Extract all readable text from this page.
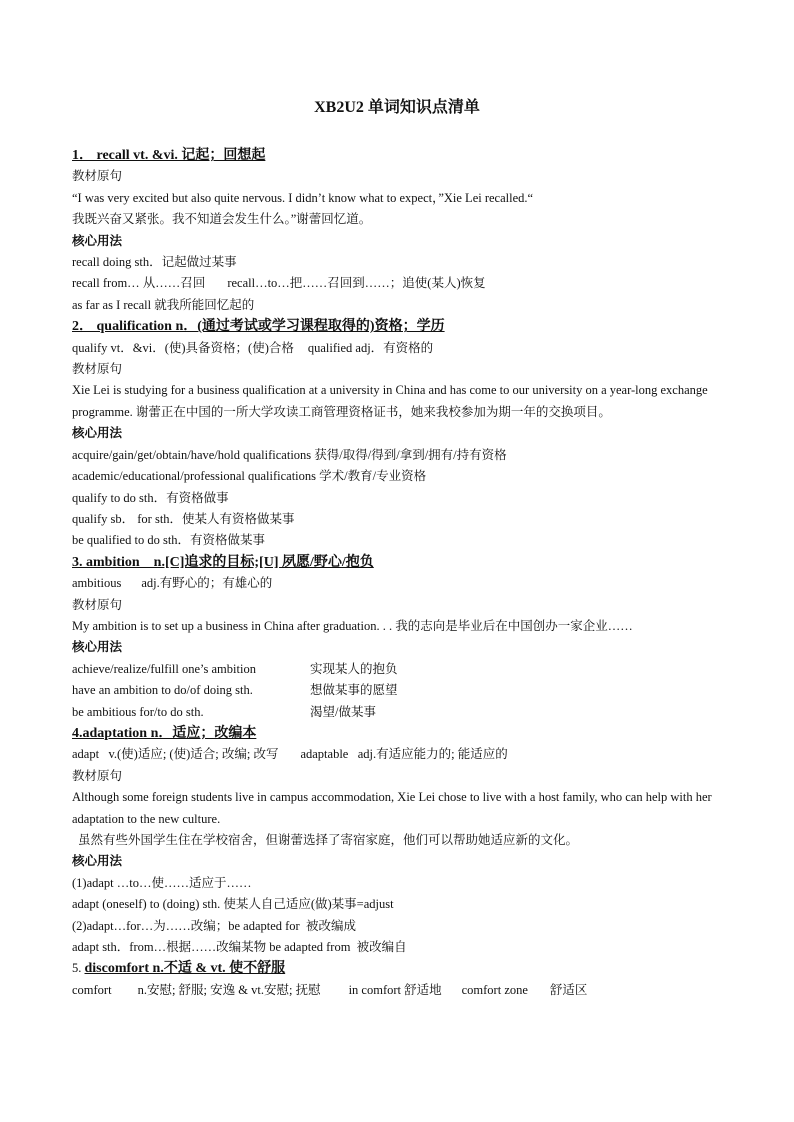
XB2U2 单词知识点清单

1． recall vt. &vi. 记起；回想起

教材原句

“I was very excited but also quite nervous. I didn’t know what to expect，”Xie Lei recalled.“

我既兴奋又紧张。我不知道会发生什么。”谢蕾回忆道。

核心用法

recall doing sth．记起做过某事

recall from… 从……召回 recall…to…把……召回到……；追使(某人)恢复

as far as I recall 就我所能回忆起的

2． qualification n．(通过考试或学习课程取得的)资格；学历

qualify vt．&vi．(使)具备资格；(使)合格 qualified adj．有资格的

教材原句

Xie Lei is studying for a business qualification at a university in China and has come to our university on a year-long exchange programme. 谢蕾正在中国的一所大学攻读工商管理资格证书，她来我校参加为期一年的交换项目。

核心用法

acquire/gain/get/obtain/have/hold qualifications 获得/取得/得到/拿到/拥有/持有资格

academic/educational/professional qualifications 学术/教育/专业资格

qualify to do sth．有资格做事

qualify sb． for sth．使某人有资格做某事

be qualified to do sth．有资格做某事

3. ambition    n.[C]追求的目标;[U] 夙愿/野心/抱负

ambitious adj.有野心的；有雄心的

教材原句

My ambition is to set up a business in China after graduation. . . 我的志向是毕业后在中国创办一家企业……

核心用法

achieve/realize/fulfill one’s ambition	实现某人的抱负

have an ambition to do/of doing sth.	想做某事的愿望

be ambitious for/to do sth.	渴望/做某事

4.adaptation n．适应；改编本

adapt   v.(使)适应; (使)适合; 改编; 改写 adaptable   adj.有适应能力的; 能适应的

教材原句

Although some foreign students live in campus accommodation, Xie Lei chose to live with a host family, who can help with her adaptation to the new culture.

虽然有些外国学生住在学校宿舍，但谢蕾选择了寄宿家庭，他们可以帮助她适应新的文化。

核心用法

(1)adapt …to…使……适应于……

adapt (oneself) to (doing) sth. 使某人自己适应(做)某事=adjust

(2)adapt…for…为……改编；be adapted for  被改编成

adapt sth．from…根据……改编某物 be adapted from  被改编自

5. discomfort n.不适 & vt. 使不舒服

comfort n.安慰; 舒服; 安逸 & vt.安慰; 抚慰 in comfort 舒适地 comfort zone 舒适区
